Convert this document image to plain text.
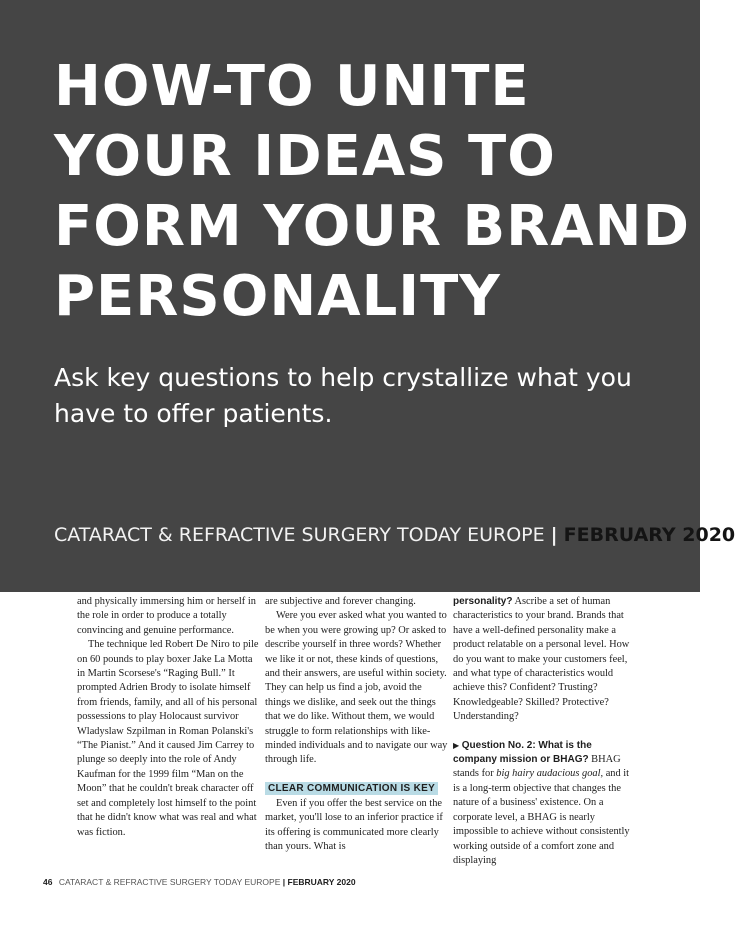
HOW-TO UNITE
YOUR IDEAS TO
FORM YOUR BRAND
PERSONALITY

Ask key questions to help crystallize what you have to offer patients.

CATARACT & REFRACTIVE SURGERY TODAY EUROPE | FEBRUARY 2020

and physically immersing him or herself in the role in order to produce a totally convincing and genuine performance.

The technique led Robert De Niro to pile on 60 pounds to play boxer Jake La Motta in Martin Scorsese's “Raging Bull.” It prompted Adrien Brody to isolate himself from friends, family, and all of his personal possessions to play Holocaust survivor Wladyslaw Szpilman in Roman Polanski's “The Pianist.” And it caused Jim Carrey to plunge so deeply into the role of Andy Kaufman for the 1999 film “Man on the Moon” that he couldn't break character off set and completely lost himself to the point that he didn't know what was real and what was fiction.

are subjective and forever changing.

Were you ever asked what you wanted to be when you were growing up? Or asked to describe yourself in three words? Whether we like it or not, these kinds of questions, and their answers, are useful within society. They can help us find a job, avoid the things we dislike, and seek out the things that we do like. Without them, we would struggle to form relationships with like-minded individuals and to navigate our way through life.

CLEAR COMMUNICATION IS KEY

Even if you offer the best service on the market, you'll lose to an inferior practice if its offering is communicated more clearly than yours. What is

personality? Ascribe a set of human characteristics to your brand. Brands that have a well-defined personality make a product relatable on a personal level. How do you want to make your customers feel, and what type of characteristics would achieve this? Confident? Trusting? Knowledgeable? Skilled? Protective? Understanding?

▶ Question No. 2: What is the company mission or BHAG? BHAG stands for big hairy audacious goal, and it is a long-term objective that changes the nature of a business' existence. On a corporate level, a BHAG is nearly impossible to achieve without consistently working outside of a comfort zone and displaying

46 CATARACT & REFRACTIVE SURGERY TODAY EUROPE | FEBRUARY 2020
